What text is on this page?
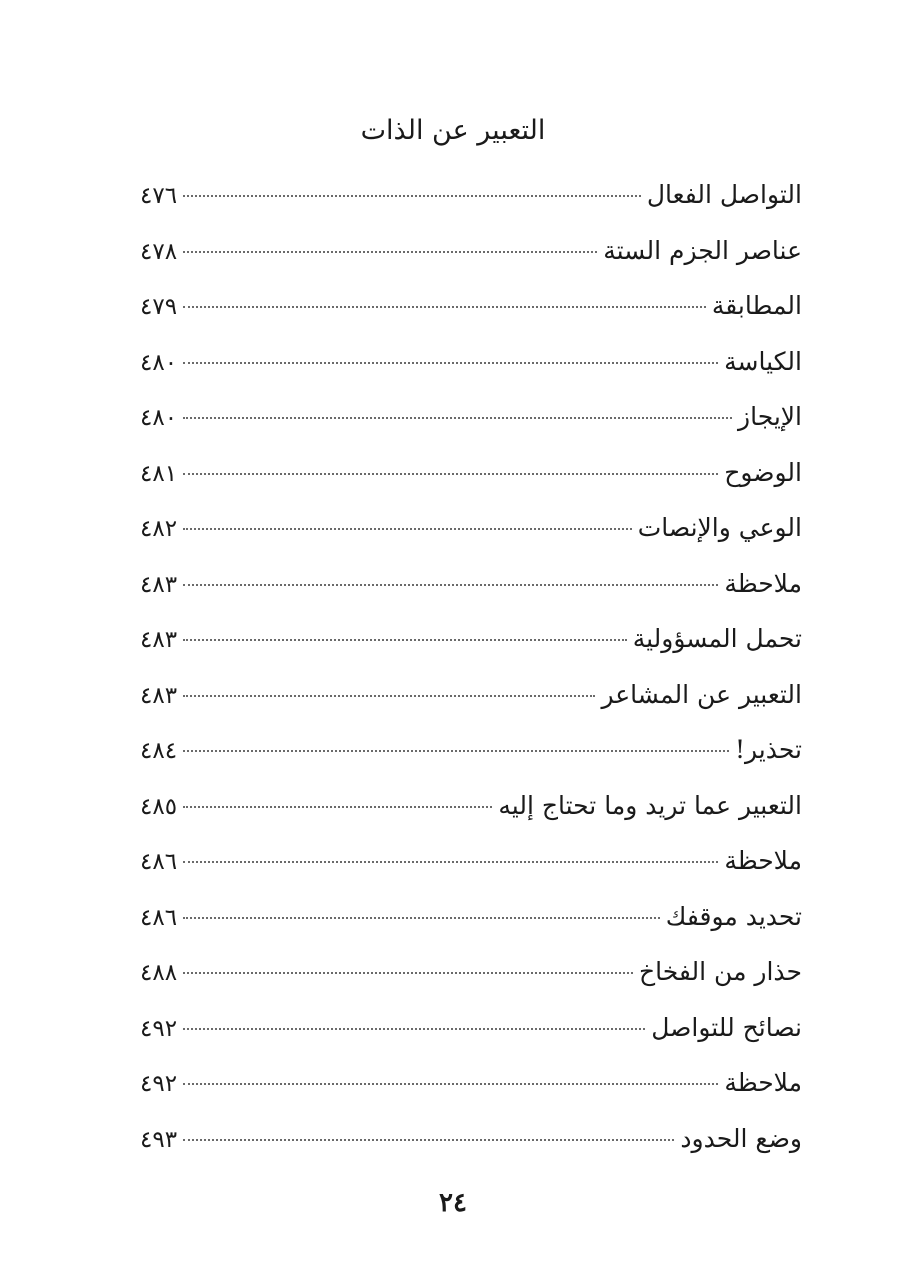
التعبير عن الذات
التواصل الفعال
٤٧٦
عناصر الجزم الستة
٤٧٨
المطابقة
٤٧٩
الكياسة
٤٨٠
الإيجاز
٤٨٠
الوضوح
٤٨١
الوعي والإنصات
٤٨٢
ملاحظة
٤٨٣
تحمل المسؤولية
٤٨٣
التعبير عن المشاعر
٤٨٣
تحذير!
٤٨٤
التعبير عما تريد وما تحتاج إليه
٤٨٥
ملاحظة
٤٨٦
تحديد موقفك
٤٨٦
حذار من الفخاخ
٤٨٨
نصائح للتواصل
٤٩٢
ملاحظة
٤٩٢
وضع الحدود
٤٩٣

٢٤
